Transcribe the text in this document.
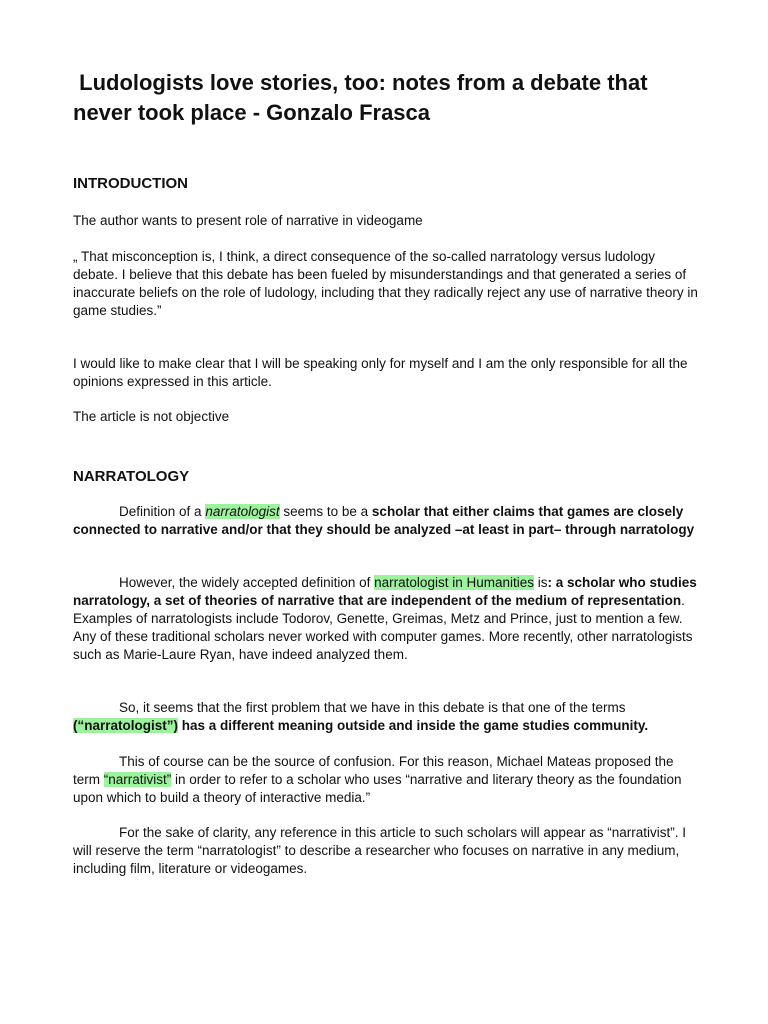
Ludologists love stories, too: notes from a debate that never took place - Gonzalo Frasca
INTRODUCTION

The author wants to present role of narrative in videogame

„ That misconception is, I think, a direct consequence of the so-called narratology versus ludology debate. I believe that this debate has been fueled by misunderstandings and that generated a series of inaccurate beliefs on the role of ludology, including that they radically reject any use of narrative theory in game studies.”

I would like to make clear that I will be speaking only for myself and I am the only responsible for all the opinions expressed in this article.

The article is not objective

NARRATOLOGY

Definition of a narratologist seems to be a scholar that either claims that games are closely connected to narrative and/or that they should be analyzed –at least in part– through narratology

However, the widely accepted definition of narratologist in Humanities is: a scholar who studies narratology, a set of theories of narrative that are independent of the medium of representation. Examples of narratologists include Todorov, Genette, Greimas, Metz and Prince, just to mention a few. Any of these traditional scholars never worked with computer games. More recently, other narratologists such as Marie-Laure Ryan, have indeed analyzed them.

So, it seems that the first problem that we have in this debate is that one of the terms (“narratologist”) has a different meaning outside and inside the game studies community.

This of course can be the source of confusion. For this reason, Michael Mateas proposed the term “narrativist” in order to refer to a scholar who uses “narrative and literary theory as the foundation upon which to build a theory of interactive media.”

For the sake of clarity, any reference in this article to such scholars will appear as “narrativist”. I will reserve the term “narratologist” to describe a researcher who focuses on narrative in any medium, including film, literature or videogames.
